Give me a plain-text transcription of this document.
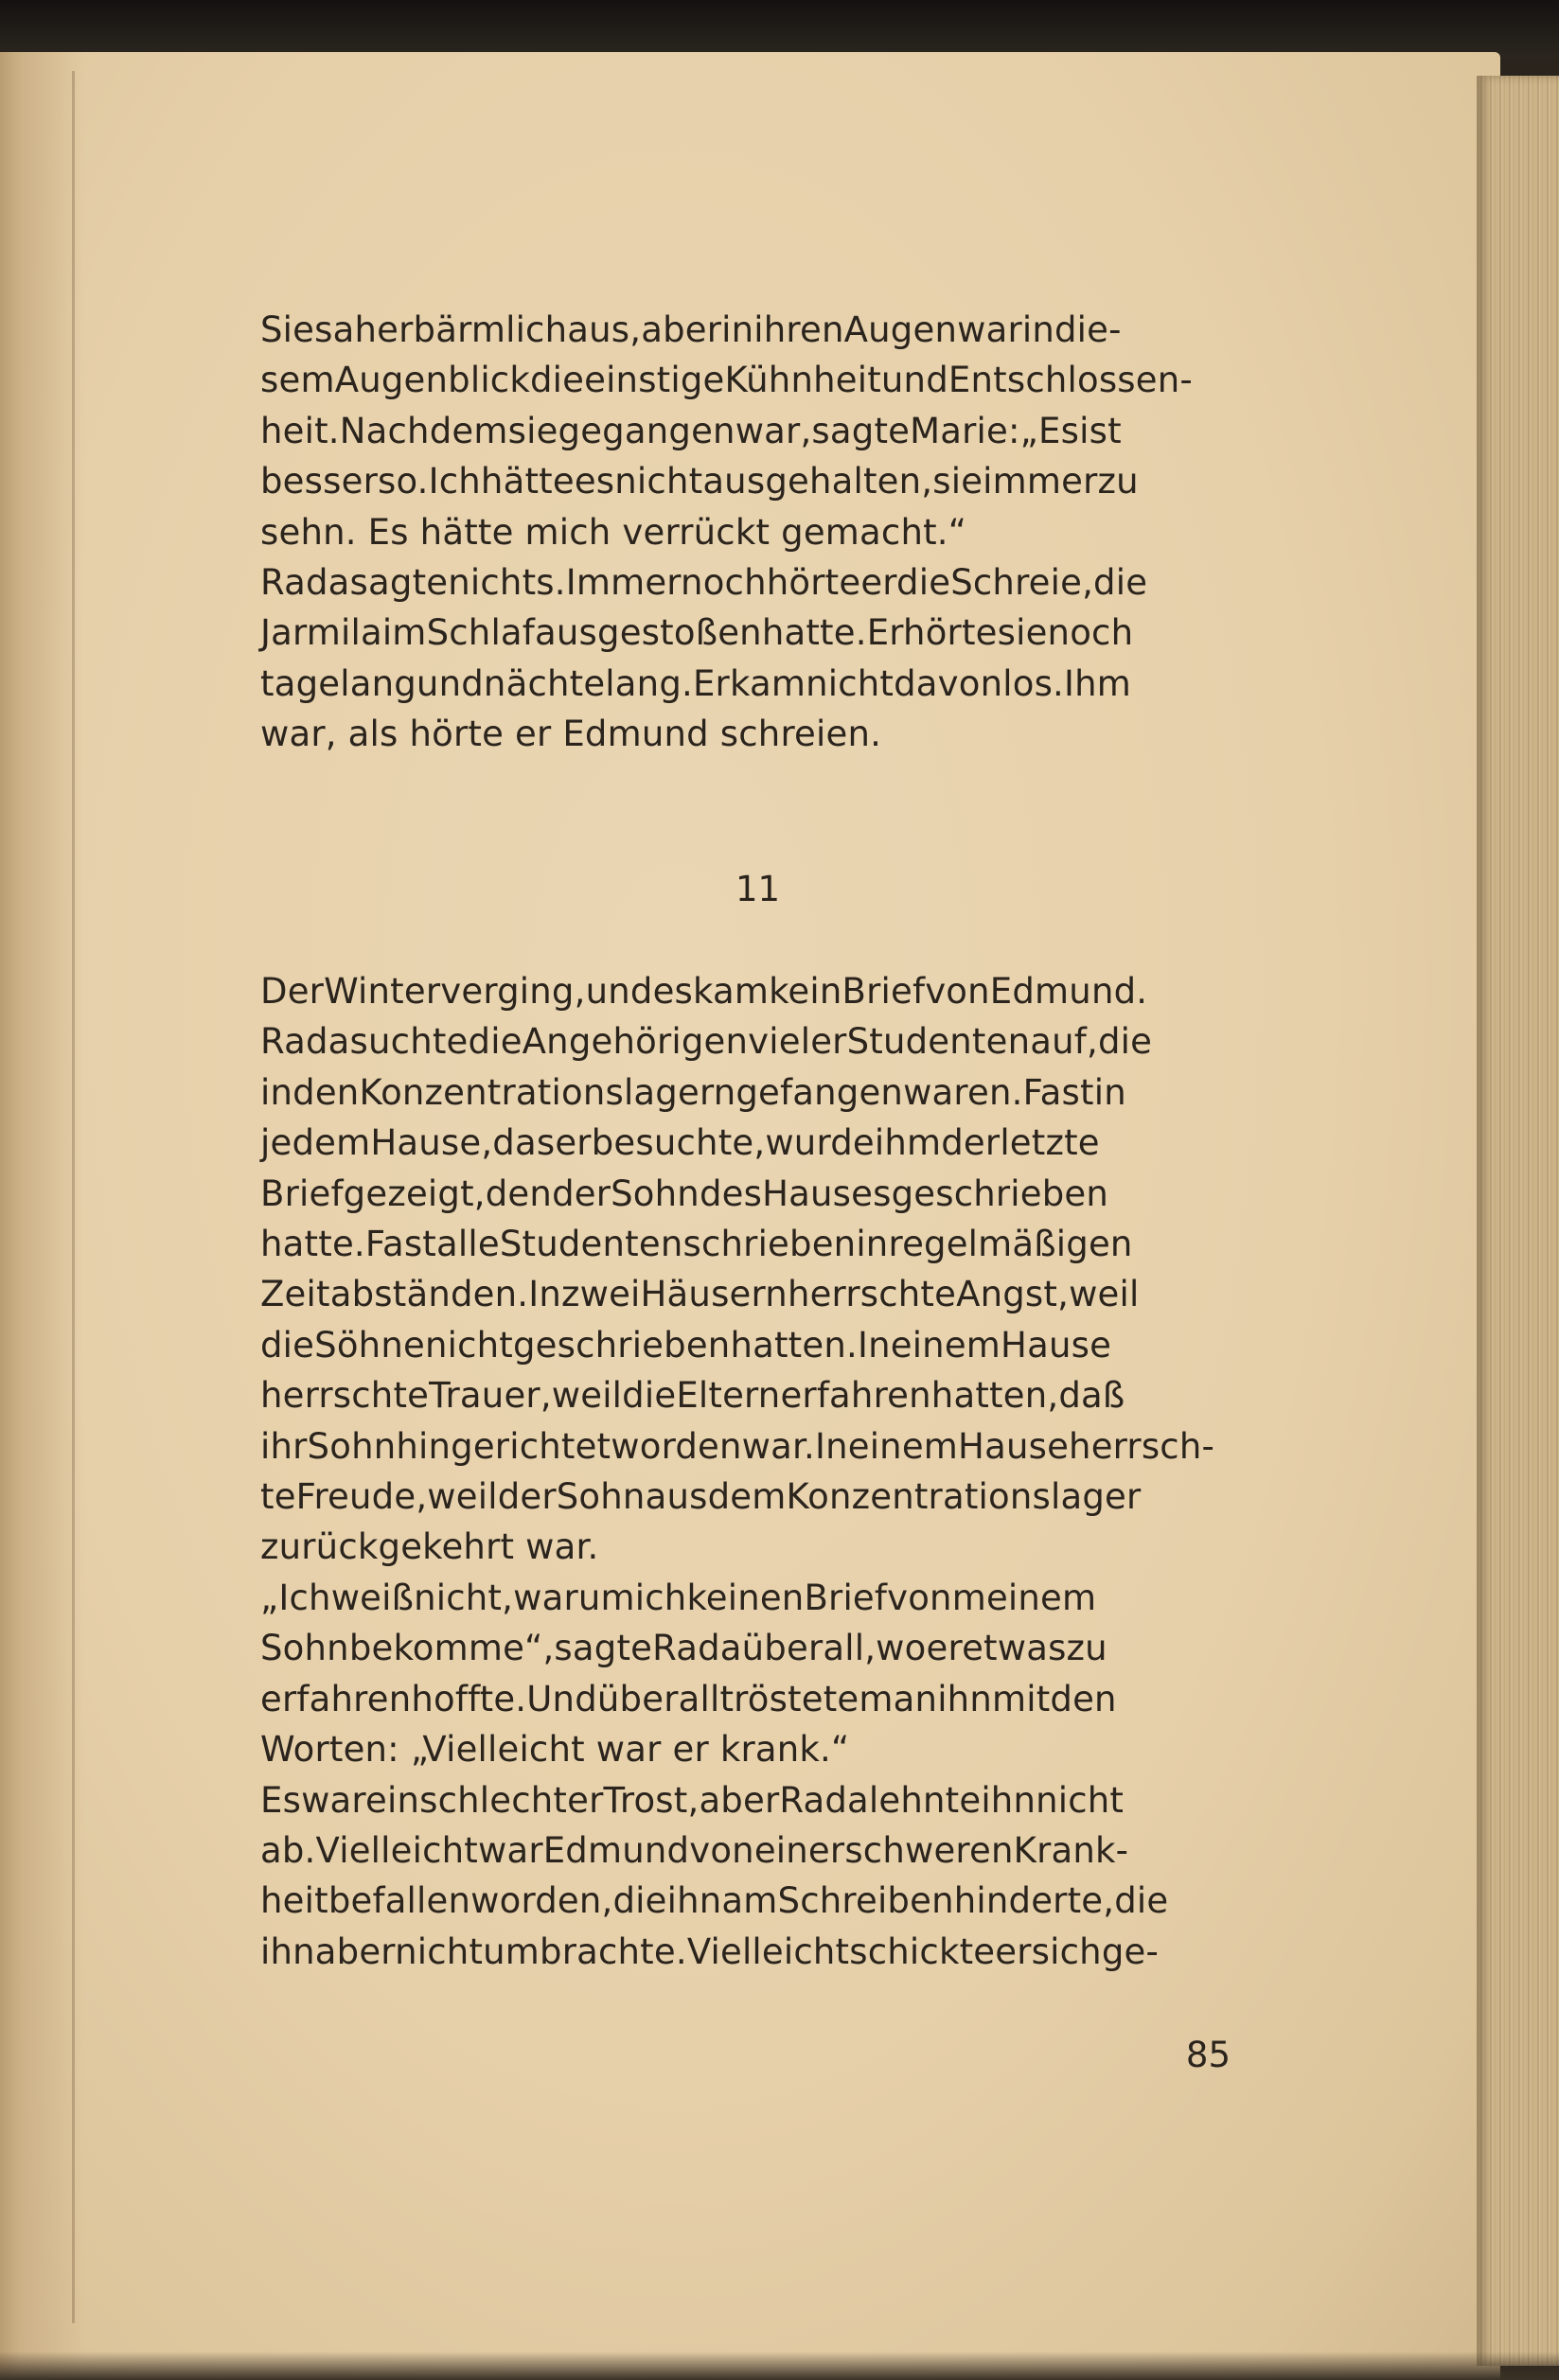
Siesaherbärmlichaus,aberinihrenAugenwarindie-
semAugenblickdieeinstigeKühnheitundEntschlossen-
heit.Nachdemsiegegangenwar,sagteMarie:„Esist
besserso.Ichhätteesnichtausgehalten,sieimmerzu
sehn. Es hätte mich verrückt gemacht.“
Radasagtenichts.ImmernochhörteerdieSchreie,die
JarmilaimSchlafausgestoßenhatte.Erhörtesienoch
tagelangundnächtelang.Erkamnichtdavonlos.Ihm
war, als hörte er Edmund schreien.
11
DerWinterverging,undeskamkeinBriefvonEdmund.
RadasuchtedieAngehörigenvielerStudentenauf,die
indenKonzentrationslagerngefangenwaren.Fastin
jedemHause,daserbesuchte,wurdeihmderletzte
Briefgezeigt,denderSohndesHausesgeschrieben
hatte.FastalleStudentenschriebeninregelmäßigen
Zeitabständen.InzweiHäusernherrschteAngst,weil
dieSöhnenichtgeschriebenhatten.IneinemHause
herrschteTrauer,weildieElternerfahrenhatten,daß
ihrSohnhingerichtetwordenwar.IneinemHauseherrsch-
teFreude,weilderSohnausdemKonzentrationslager
zurückgekehrt war.
„Ichweißnicht,warumichkeinenBriefvonmeinem
Sohnbekomme“,sagteRadaüberall,woeretwaszu
erfahrenhoffte.Undüberalltröstetemanihnmitden
Worten: „Vielleicht war er krank.“
EswareinschlechterTrost,aberRadalehnteihnnicht
ab.VielleichtwarEdmundvoneinerschwerenKrank-
heitbefallenworden,dieihnamSchreibenhinderte,die
ihnabernichtumbrachte.Vielleichtschickteersichge-
85
